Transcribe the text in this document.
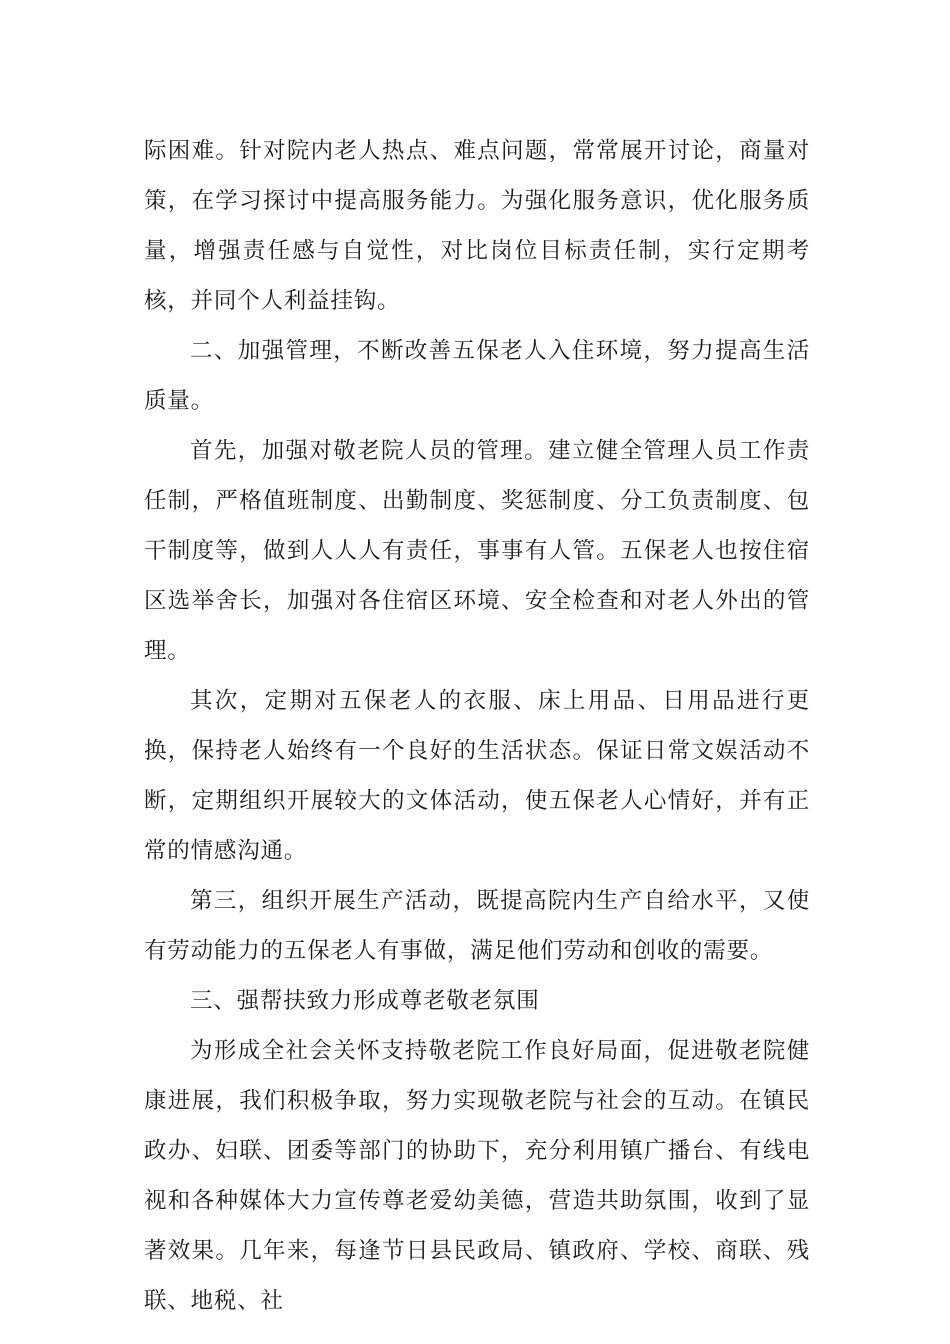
际困难。针对院内老人热点、难点问题，常常展开讨论，商量对策，在学习探讨中提高服务能力。为强化服务意识，优化服务质量，增强责任感与自觉性，对比岗位目标责任制，实行定期考核，并同个人利益挂钩。

二、加强管理，不断改善五保老人入住环境，努力提高生活质量。

首先，加强对敬老院人员的管理。建立健全管理人员工作责任制，严格值班制度、出勤制度、奖惩制度、分工负责制度、包干制度等，做到人人人有责任，事事有人管。五保老人也按住宿区选举舍长，加强对各住宿区环境、安全检查和对老人外出的管理。

其次，定期对五保老人的衣服、床上用品、日用品进行更换，保持老人始终有一个良好的生活状态。保证日常文娱活动不断，定期组织开展较大的文体活动，使五保老人心情好，并有正常的情感沟通。

第三，组织开展生产活动，既提高院内生产自给水平，又使有劳动能力的五保老人有事做，满足他们劳动和创收的需要。

三、强帮扶致力形成尊老敬老氛围

为形成全社会关怀支持敬老院工作良好局面，促进敬老院健康进展，我们积极争取，努力实现敬老院与社会的互动。在镇民政办、妇联、团委等部门的协助下，充分利用镇广播台、有线电视和各种媒体大力宣传尊老爱幼美德，营造共助氛围，收到了显著效果。几年来，每逢节日县民政局、镇政府、学校、商联、残联、地税、社
